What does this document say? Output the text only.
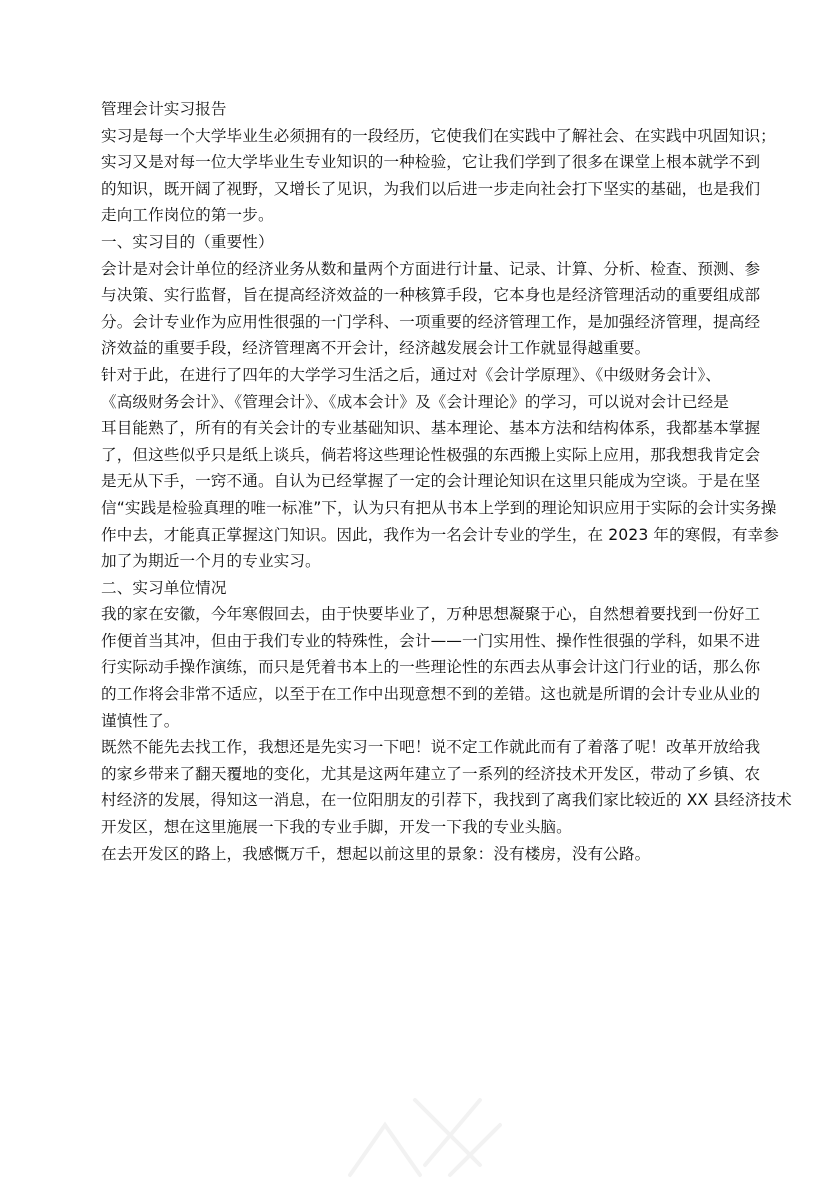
管理会计实习报告
实习是每一个大学毕业生必须拥有的一段经历，它使我们在实践中了解社会、在实践中巩固知识；
实习又是对每一位大学毕业生专业知识的一种检验，它让我们学到了很多在课堂上根本就学不到
的知识，既开阔了视野，又增长了见识，为我们以后进一步走向社会打下坚实的基础，也是我们
走向工作岗位的第一步。
一、实习目的（重要性）
会计是对会计单位的经济业务从数和量两个方面进行计量、记录、计算、分析、检查、预测、参
与决策、实行监督，旨在提高经济效益的一种核算手段，它本身也是经济管理活动的重要组成部
分。会计专业作为应用性很强的一门学科、一项重要的经济管理工作，是加强经济管理，提高经
济效益的重要手段，经济管理离不开会计，经济越发展会计工作就显得越重要。
针对于此，在进行了四年的大学学习生活之后，通过对《会计学原理》、《中级财务会计》、
《高级财务会计》、《管理会计》、《成本会计》及《会计理论》的学习，可以说对会计已经是
耳目能熟了，所有的有关会计的专业基础知识、基本理论、基本方法和结构体系，我都基本掌握
了，但这些似乎只是纸上谈兵，倘若将这些理论性极强的东西搬上实际上应用，那我想我肯定会
是无从下手，一窍不通。自认为已经掌握了一定的会计理论知识在这里只能成为空谈。于是在坚
信“实践是检验真理的唯一标准”下，认为只有把从书本上学到的理论知识应用于实际的会计实务操
作中去，才能真正掌握这门知识。因此，我作为一名会计专业的学生，在 2023 年的寒假，有幸参
加了为期近一个月的专业实习。
二、实习单位情况
我的家在安徽，今年寒假回去，由于快要毕业了，万种思想凝聚于心，自然想着要找到一份好工
作便首当其冲，但由于我们专业的特殊性，会计——一门实用性、操作性很强的学科，如果不进
行实际动手操作演练，而只是凭着书本上的一些理论性的东西去从事会计这门行业的话，那么你
的工作将会非常不适应，以至于在工作中出现意想不到的差错。这也就是所谓的会计专业从业的
谨慎性了。
既然不能先去找工作，我想还是先实习一下吧！说不定工作就此而有了着落了呢！改革开放给我
的家乡带来了翻天覆地的变化，尤其是这两年建立了一系列的经济技术开发区，带动了乡镇、农
村经济的发展，得知这一消息，在一位阳朋友的引荐下，我找到了离我们家比较近的 XX 县经济技术
开发区，想在这里施展一下我的专业手脚，开发一下我的专业头脑。
在去开发区的路上，我感慨万千，想起以前这里的景象：没有楼房，没有公路。
